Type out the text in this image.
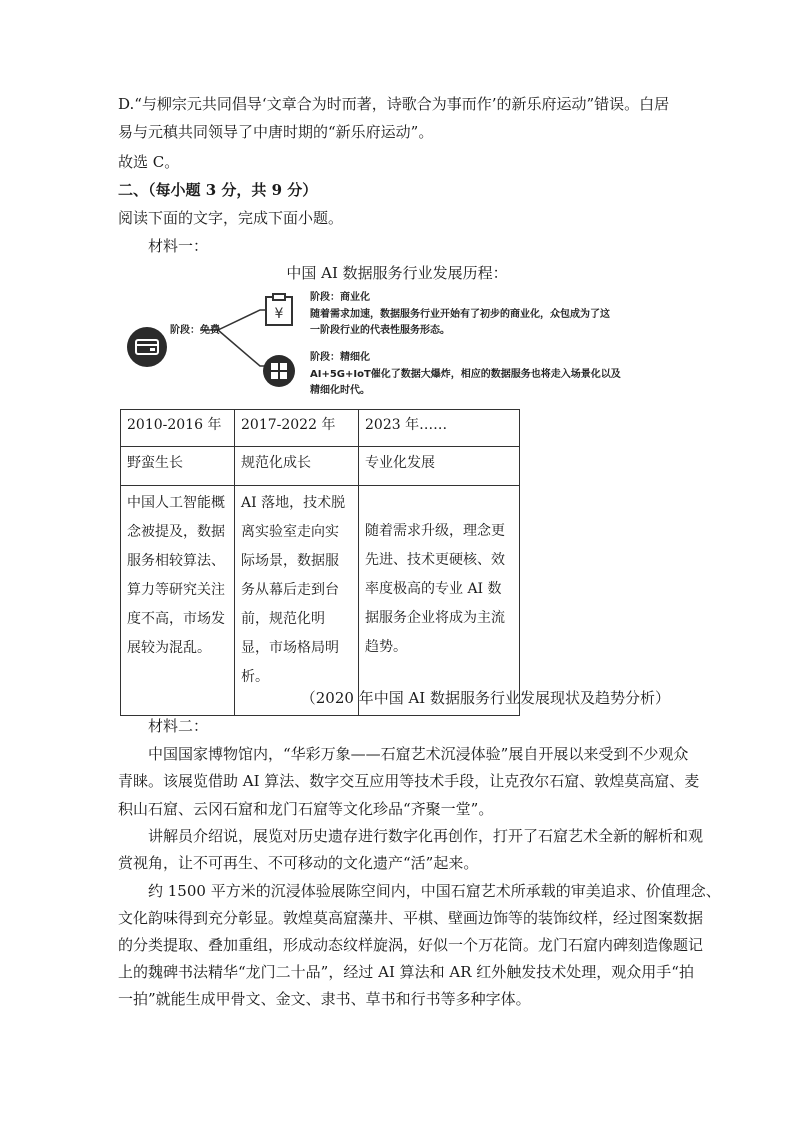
D.“与柳宗元共同倡导‘文章合为时而著，诗歌合为事而作’的新乐府运动”错误。白居
易与元稹共同领导了中唐时期的“新乐府运动”。
故选 C。
二、（每小题 3 分，共 9 分）
阅读下面的文字，完成下面小题。
材料一：
中国 AI 数据服务行业发展历程：
阶段：免费
¥
阶段：商业化
随着需求加速，数据服务行业开始有了初步的商业化，众包成为了这
一阶段行业的代表性服务形态。
阶段：精细化
AI+5G+IoT催化了数据大爆炸，相应的数据服务也将走入场景化以及
精细化时代。
2010-2016 年	2017-2022 年	2023 年……
野蛮生长	规范化成长	专业化发展
中国人工智能概念被提及，数据服务相较算法、算力等研究关注度不高，市场发展较为混乱。	AI 落地，技术脱离实验室走向实际场景，数据服务从幕后走到台前，规范化明显，市场格局明析。	随着需求升级，理念更先进、技术更硬核、效率度极高的专业 AI 数据服务企业将成为主流趋势。
（2020 年中国 AI 数据服务行业发展现状及趋势分析）
材料二：
中国国家博物馆内，“华彩万象——石窟艺术沉浸体验”展自开展以来受到不少观众
青睐。该展览借助 AI 算法、数字交互应用等技术手段，让克孜尔石窟、敦煌莫高窟、麦
积山石窟、云冈石窟和龙门石窟等文化珍品“齐聚一堂”。
讲解员介绍说，展览对历史遗存进行数字化再创作，打开了石窟艺术全新的解析和观
赏视角，让不可再生、不可移动的文化遗产“活”起来。
约 1500 平方米的沉浸体验展陈空间内，中国石窟艺术所承载的审美追求、价值理念、
文化韵味得到充分彰显。敦煌莫高窟藻井、平棋、壁画边饰等的装饰纹样，经过图案数据
的分类提取、叠加重组，形成动态纹样旋涡，好似一个万花筒。龙门石窟内碑刻造像题记
上的魏碑书法精华“龙门二十品”，经过 AI 算法和 AR 红外触发技术处理，观众用手“拍
一拍”就能生成甲骨文、金文、隶书、草书和行书等多种字体。
